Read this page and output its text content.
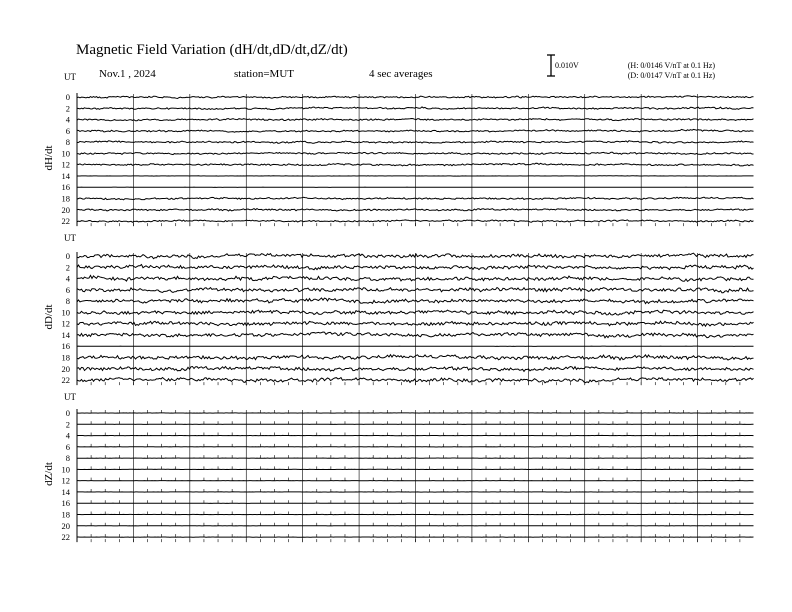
Magnetic Field Variation (dH/dt,dD/dt,dZ/dt)
Nov.1 , 2024	station=MUT	4 sec averages
0.010V	(H: 0/0146 V/nT at 0.1 Hz)
(D: 0/0147 V/nT at 0.1 Hz)
UT
dH/dt
0
2
4
6
8
10
12
14
16
18
20
22
UT
dD/dt
0
2
4
6
8
10
12
14
16
18
20
22
UT
dZ/dt
0
2
4
6
8
10
12
14
16
18
20
22
